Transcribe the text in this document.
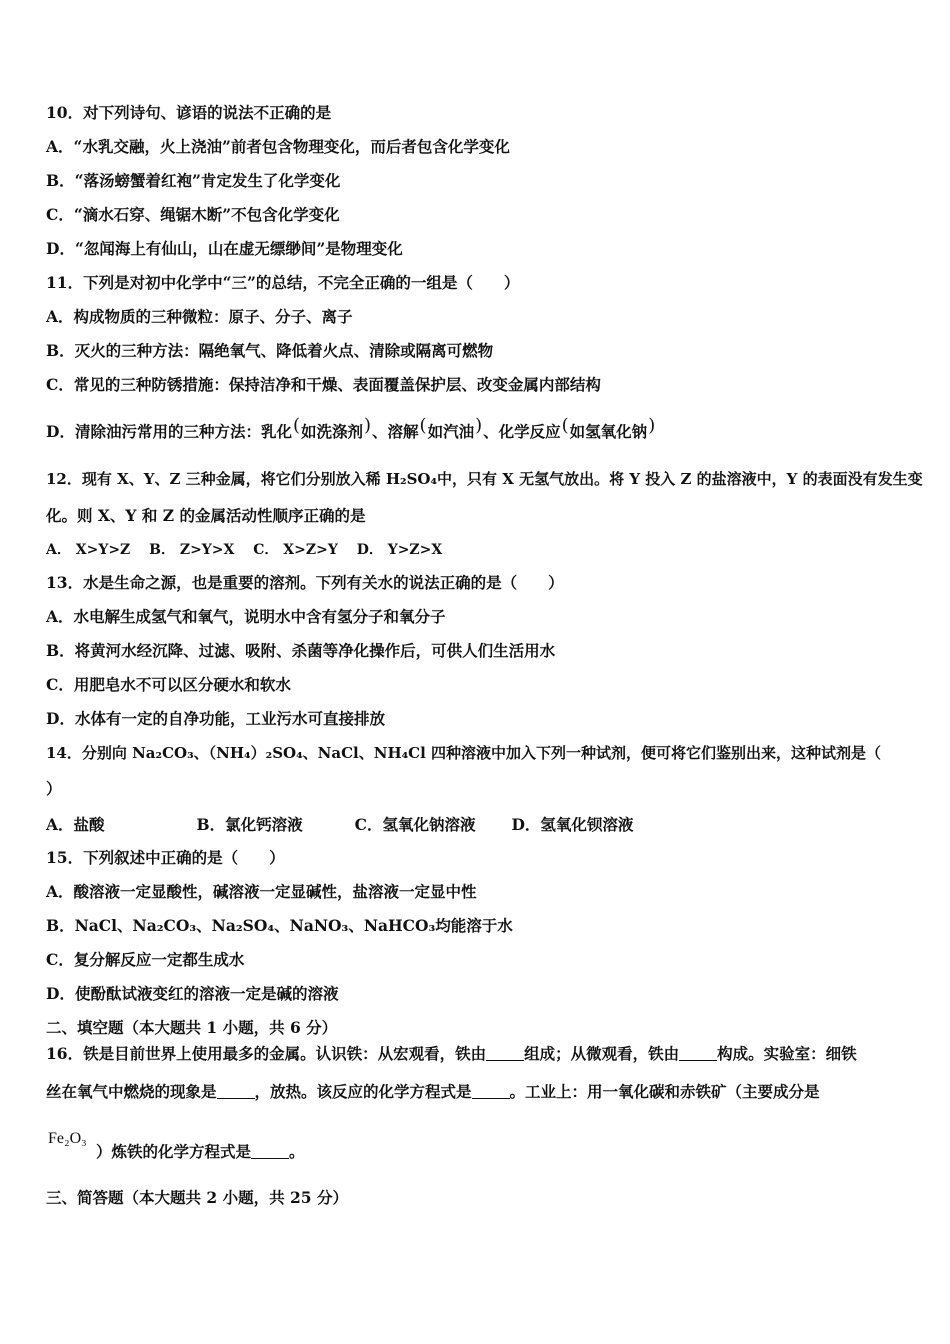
10．对下列诗句、谚语的说法不正确的是
A．“水乳交融，火上浇油”前者包含物理变化，而后者包含化学变化
B．“落汤螃蟹着红袍”肯定发生了化学变化
C．“滴水石穿、绳锯木断”不包含化学变化
D．“忽闻海上有仙山，山在虚无缥缈间”是物理变化
11．下列是对初中化学中“三”的总结，不完全正确的一组是（　　）
A．构成物质的三种微粒：原子、分子、离子
B．灭火的三种方法：隔绝氧气、降低着火点、清除或隔离可燃物
C．常见的三种防锈措施：保持洁净和干燥、表面覆盖保护层、改变金属内部结构
D．清除油污常用的三种方法：乳化(如洗涤剂)、溶解(如汽油)、化学反应(如氢氧化钠)
12．现有 X、Y、Z 三种金属，将它们分别放入稀 H₂SO₄中，只有 X 无氢气放出。将 Y 投入 Z 的盐溶液中，Y 的表面没有发生变
化。则 X、Y 和 Z 的金属活动性顺序正确的是
A． X>Y>Z　 B． Z>Y>X　 C． X>Z>Y　 D． Y>Z>X
13．水是生命之源，也是重要的溶剂。下列有关水的说法正确的是（　　）
A．水电解生成氢气和氧气，说明水中含有氢分子和氧分子
B．将黄河水经沉降、过滤、吸附、杀菌等净化操作后，可供人们生活用水
C．用肥皂水不可以区分硬水和软水
D．水体有一定的自净功能，工业污水可直接排放
14．分别向 Na₂CO₃、（NH₄）₂SO₄、NaCl、NH₄Cl 四种溶液中加入下列一种试剂，便可将它们鉴别出来，这种试剂是（
）
A．盐酸	B．氯化钙溶液	C．氢氧化钠溶液 D．氢氧化钡溶液
15．下列叙述中正确的是（　　）
A．酸溶液一定显酸性，碱溶液一定显碱性，盐溶液一定显中性
B．NaCl、Na₂CO₃、Na₂SO₄、NaNO₃、NaHCO₃均能溶于水
C．复分解反应一定都生成水
D．使酚酞试液变红的溶液一定是碱的溶液
二、填空题（本大题共 1 小题，共 6 分）
16．铁是目前世界上使用最多的金属。认识铁：从宏观看，铁由 组成；从微观看，铁由 构成。实验室：细铁
丝在氧气中燃烧的现象是 ，放热。该反应的化学方程式是 。工业上：用一氧化碳和赤铁矿（主要成分是
Fe₂O₃
）炼铁的化学方程式是 。
三、简答题（本大题共 2 小题，共 25 分）
